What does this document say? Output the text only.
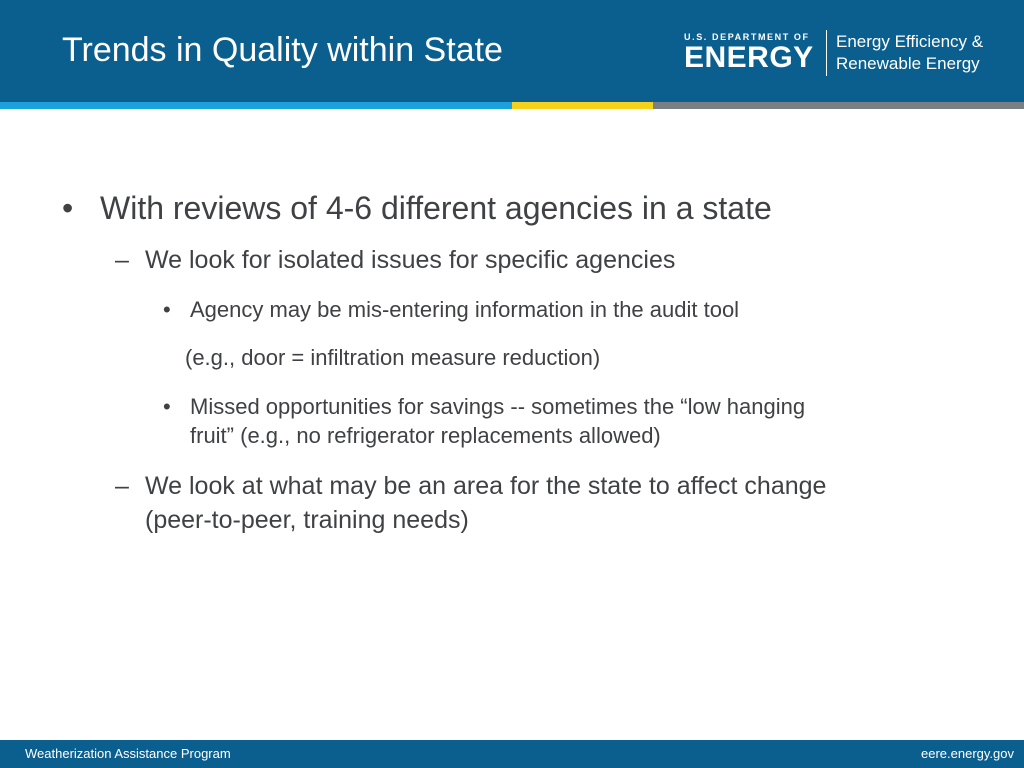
Trends in Quality within State	U.S. DEPARTMENT OF
ENERGY Energy Efficiency &
Renewable Energy
• With reviews of 4-6 different agencies in a state
– We look for isolated issues for specific agencies
• Agency may be mis-entering information in the audit tool
(e.g., door = infiltration measure reduction)
• Missed opportunities for savings -- sometimes the “low hanging
fruit” (e.g., no refrigerator replacements allowed)
– We look at what may be an area for the state to affect change
(peer-to-peer, training needs)
Weatherization Assistance Program	eere.energy.gov
